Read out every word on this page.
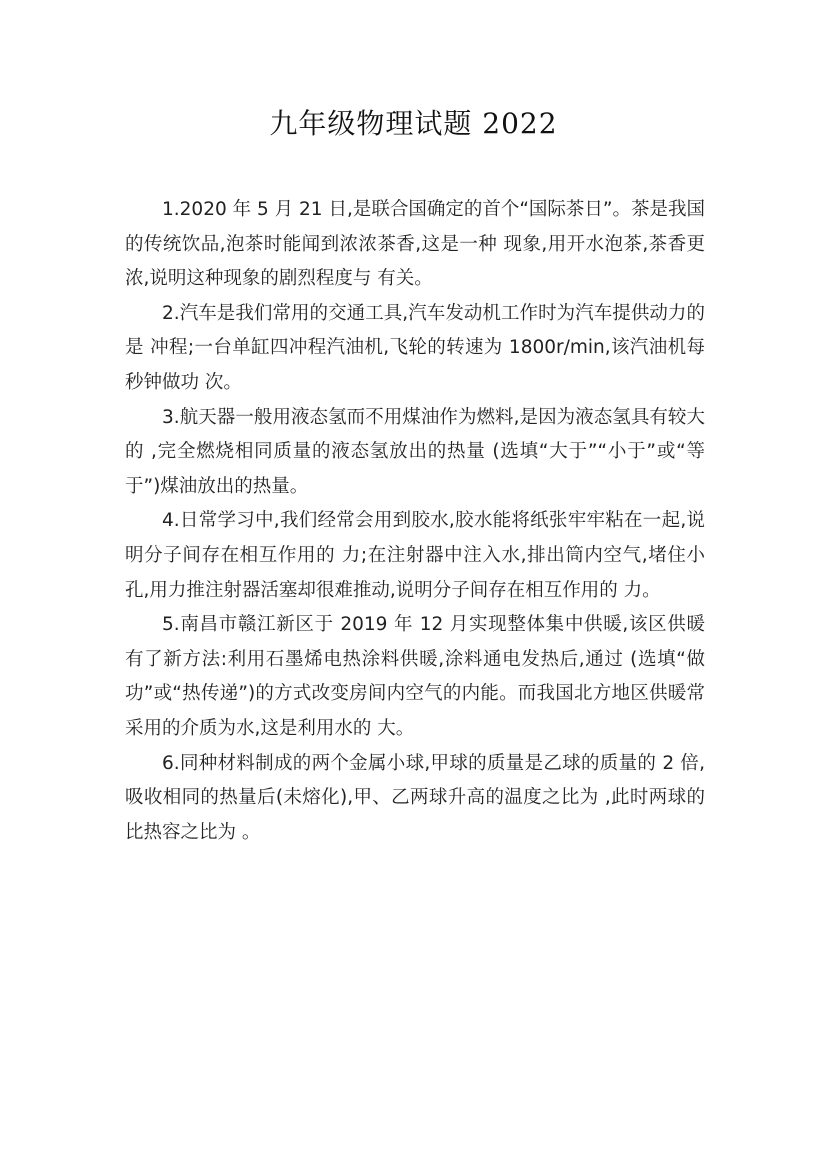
九年级物理试题 2022

1.2020 年 5 月 21 日,是联合国确定的首个“国际茶日”。茶是我国的传统饮品,泡茶时能闻到浓浓茶香,这是一种 现象,用开水泡茶,茶香更浓,说明这种现象的剧烈程度与 有关。

2.汽车是我们常用的交通工具,汽车发动机工作时为汽车提供动力的是 冲程;一台单缸四冲程汽油机,飞轮的转速为 1800r/min,该汽油机每秒钟做功 次。

3.航天器一般用液态氢而不用煤油作为燃料,是因为液态氢具有较大的 ,完全燃烧相同质量的液态氢放出的热量 (选填“大于”“小于”或“等于”)煤油放出的热量。

4.日常学习中,我们经常会用到胶水,胶水能将纸张牢牢粘在一起,说明分子间存在相互作用的 力;在注射器中注入水,排出筒内空气,堵住小孔,用力推注射器活塞却很难推动,说明分子间存在相互作用的 力。

5.南昌市赣江新区于 2019 年 12 月实现整体集中供暖,该区供暖有了新方法:利用石墨烯电热涂料供暖,涂料通电发热后,通过 (选填“做功”或“热传递”)的方式改变房间内空气的内能。而我国北方地区供暖常采用的介质为水,这是利用水的 大。

6.同种材料制成的两个金属小球,甲球的质量是乙球的质量的 2 倍,吸收相同的热量后(未熔化),甲、乙两球升高的温度之比为 ,此时两球的比热容之比为 。
